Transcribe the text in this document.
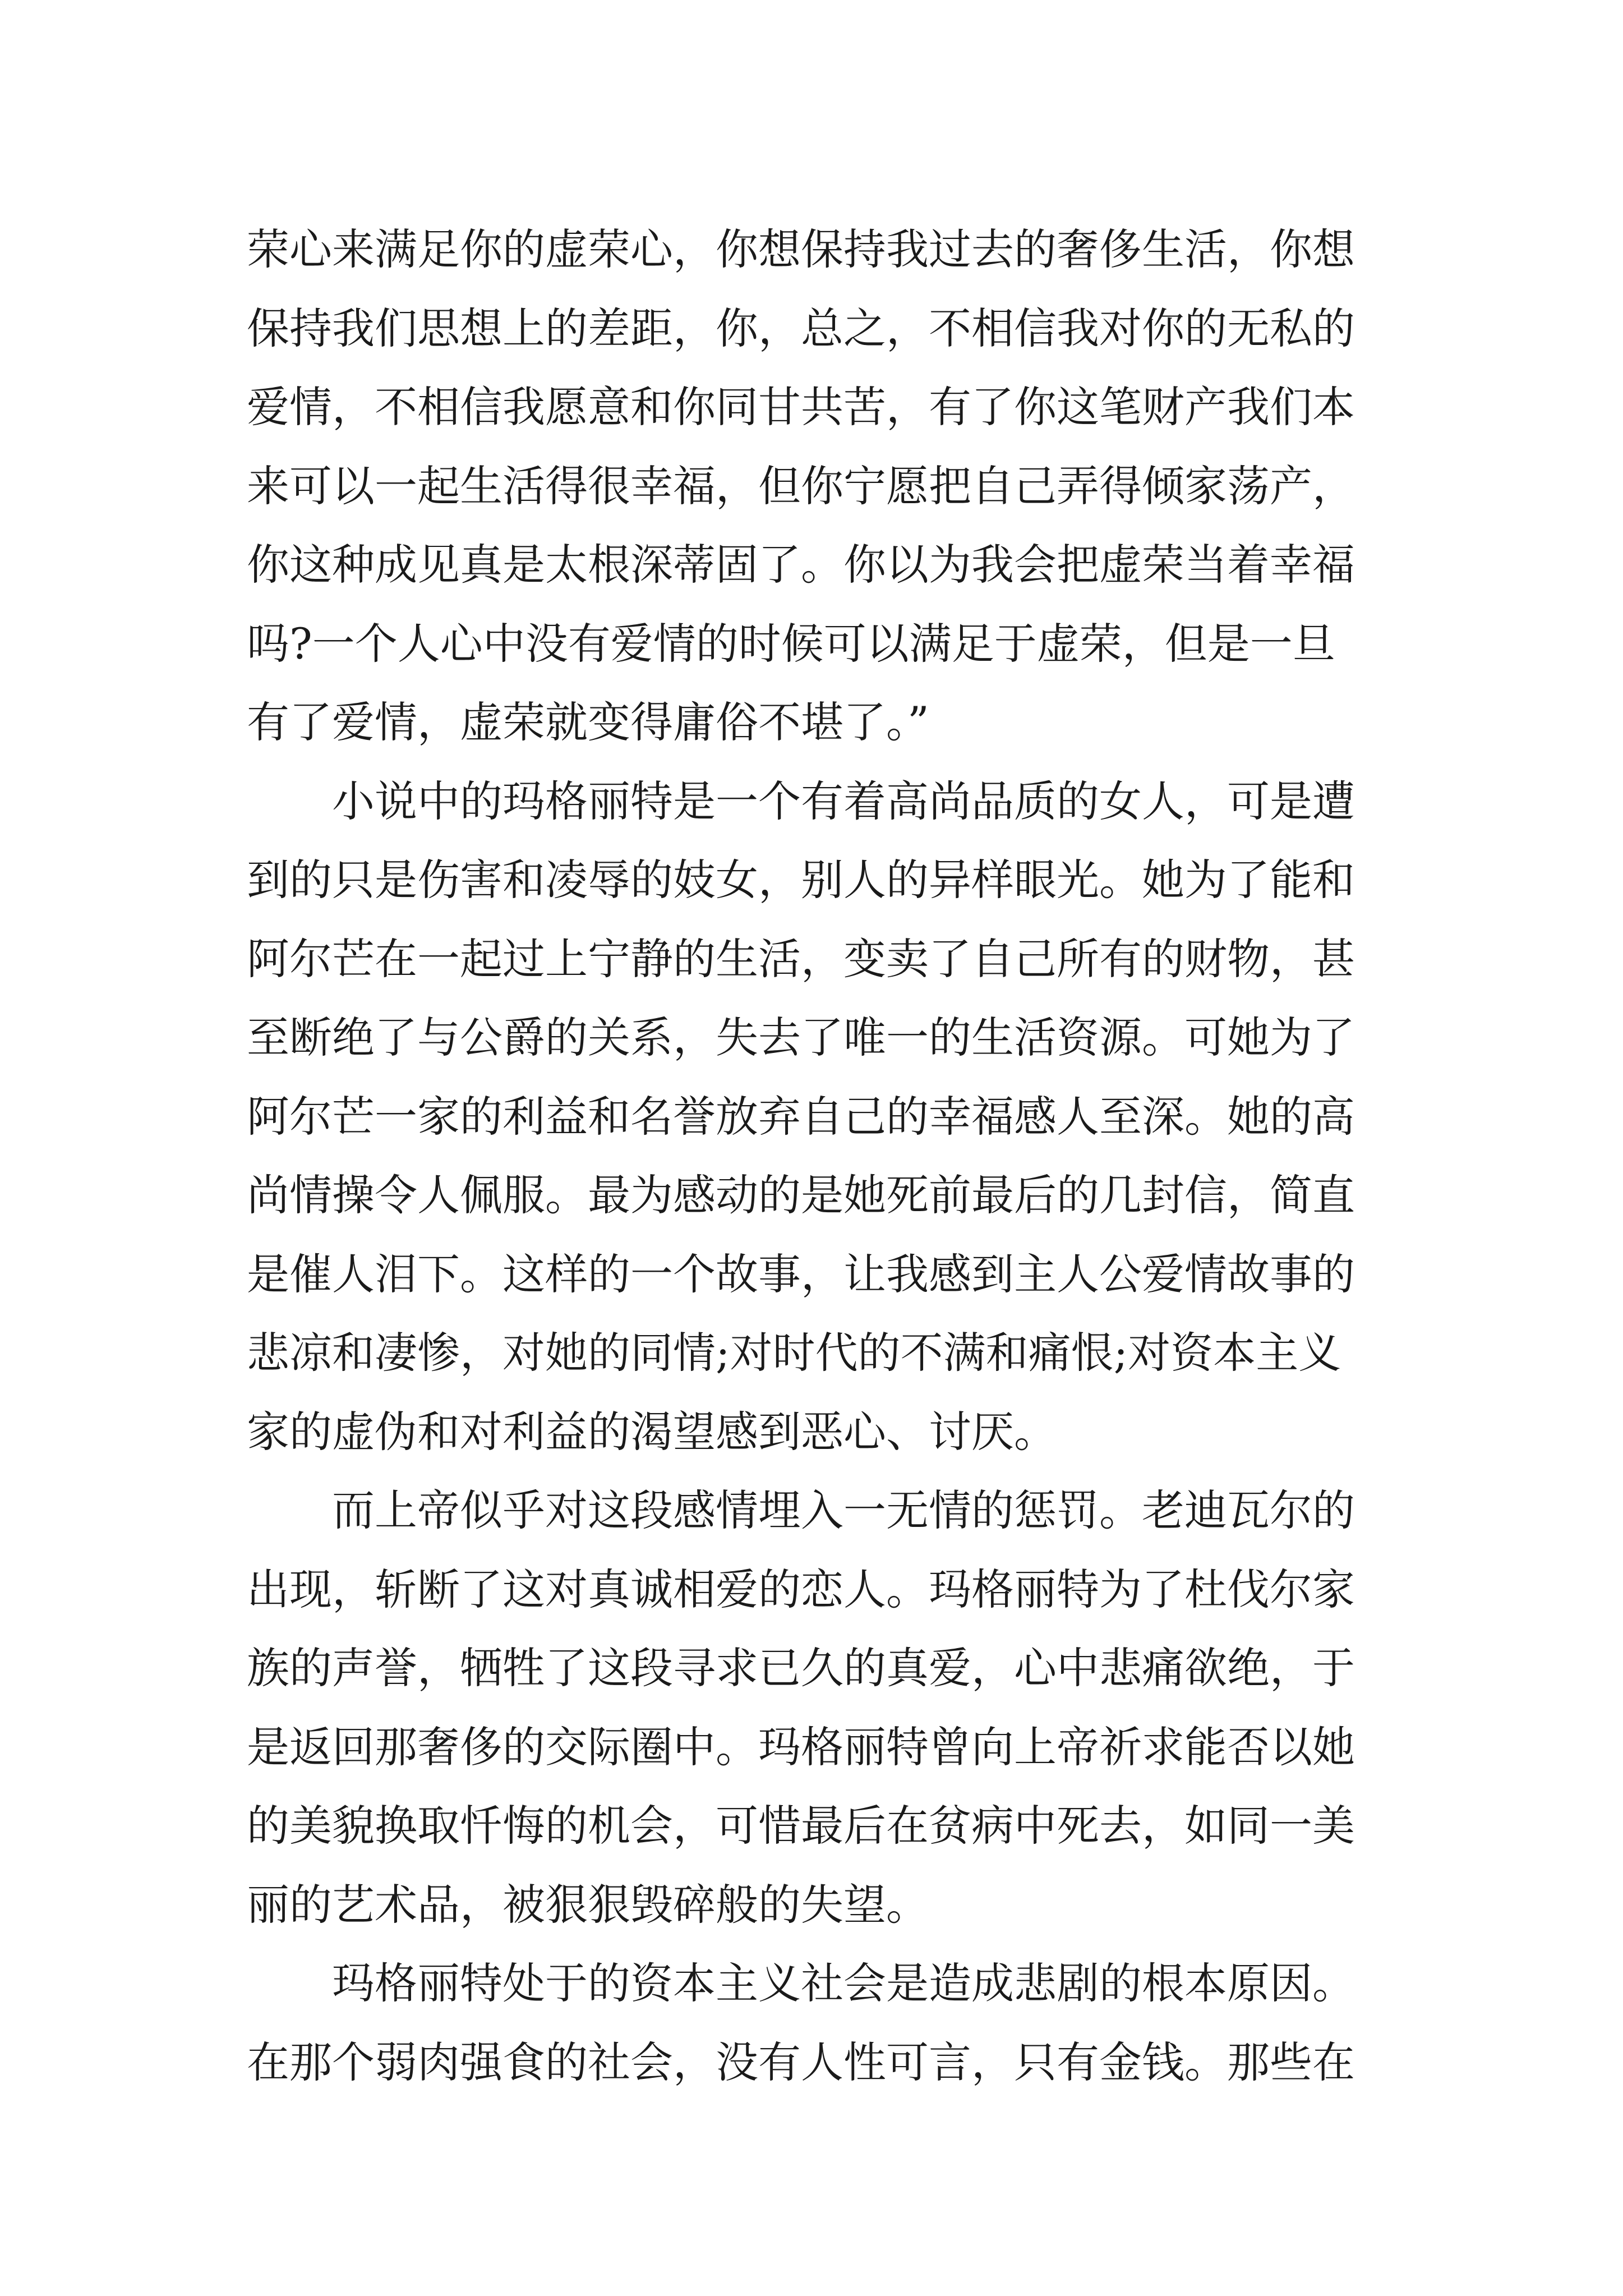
荣心来满足你的虚荣心，你想保持我过去的奢侈生活，你想
保持我们思想上的差距，你，总之，不相信我对你的无私的
爱情，不相信我愿意和你同甘共苦，有了你这笔财产我们本
来可以一起生活得很幸福，但你宁愿把自己弄得倾家荡产，
你这种成见真是太根深蒂固了。你以为我会把虚荣当着幸福
吗?一个人心中没有爱情的时候可以满足于虚荣，但是一旦
有了爱情，虚荣就变得庸俗不堪了。”
　　小说中的玛格丽特是一个有着高尚品质的女人，可是遭
到的只是伤害和凌辱的妓女，别人的异样眼光。她为了能和
阿尔芒在一起过上宁静的生活，变卖了自己所有的财物，甚
至断绝了与公爵的关系，失去了唯一的生活资源。可她为了
阿尔芒一家的利益和名誉放弃自己的幸福感人至深。她的高
尚情操令人佩服。最为感动的是她死前最后的几封信，简直
是催人泪下。这样的一个故事，让我感到主人公爱情故事的
悲凉和凄惨，对她的同情;对时代的不满和痛恨;对资本主义
家的虚伪和对利益的渴望感到恶心、讨厌。
　　而上帝似乎对这段感情埋入一无情的惩罚。老迪瓦尔的
出现，斩断了这对真诚相爱的恋人。玛格丽特为了杜伐尔家
族的声誉，牺牲了这段寻求已久的真爱，心中悲痛欲绝，于
是返回那奢侈的交际圈中。玛格丽特曾向上帝祈求能否以她
的美貌换取忏悔的机会，可惜最后在贫病中死去，如同一美
丽的艺术品，被狠狠毁碎般的失望。
　　玛格丽特处于的资本主义社会是造成悲剧的根本原因。
在那个弱肉强食的社会，没有人性可言，只有金钱。那些在
